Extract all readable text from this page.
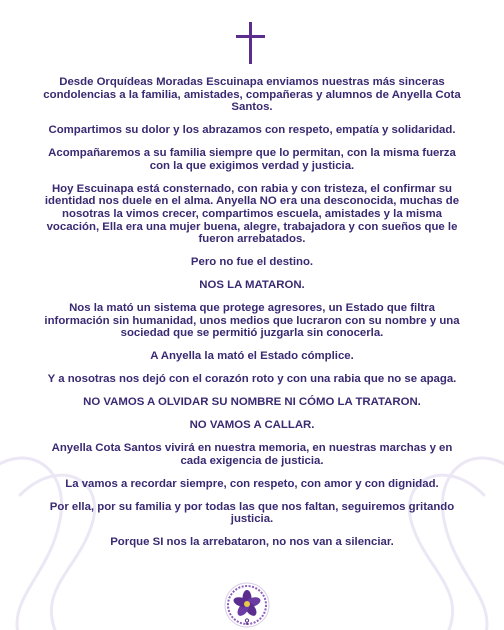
Desde Orquídeas Moradas Escuinapa enviamos nuestras más sinceras condolencias a la familia, amistades, compañeras y alumnos de Anyella Cota Santos.

Compartimos su dolor y los abrazamos con respeto, empatía y solidaridad.

Acompañaremos a su familia siempre que lo permitan, con la misma fuerza con la que exigimos verdad y justicia.

Hoy Escuinapa está consternado, con rabia y con tristeza, el confirmar su identidad nos duele en el alma. Anyella NO era una desconocida, muchas de nosotras la vimos crecer, compartimos escuela, amistades y la misma vocación, Ella era una mujer buena, alegre, trabajadora y con sueños que le fueron arrebatados.

Pero no fue el destino.

NOS LA MATARON.

Nos la mató un sistema que protege agresores, un Estado que filtra información sin humanidad, unos medios que lucraron con su nombre y una sociedad que se permitió juzgarla sin conocerla.

A Anyella la mató el Estado cómplice.

Y a nosotras nos dejó con el corazón roto y con una rabia que no se apaga.

NO VAMOS A OLVIDAR SU NOMBRE NI CÓMO LA TRATARON.

NO VAMOS A CALLAR.

Anyella Cota Santos vivirá en nuestra memoria, en nuestras marchas y en cada exigencia de justicia.

La vamos a recordar siempre, con respeto, con amor y con dignidad.

Por ella, por su familia y por todas las que nos faltan, seguiremos gritando justicia.

Porque SI nos la arrebataron, no nos van a silenciar.
